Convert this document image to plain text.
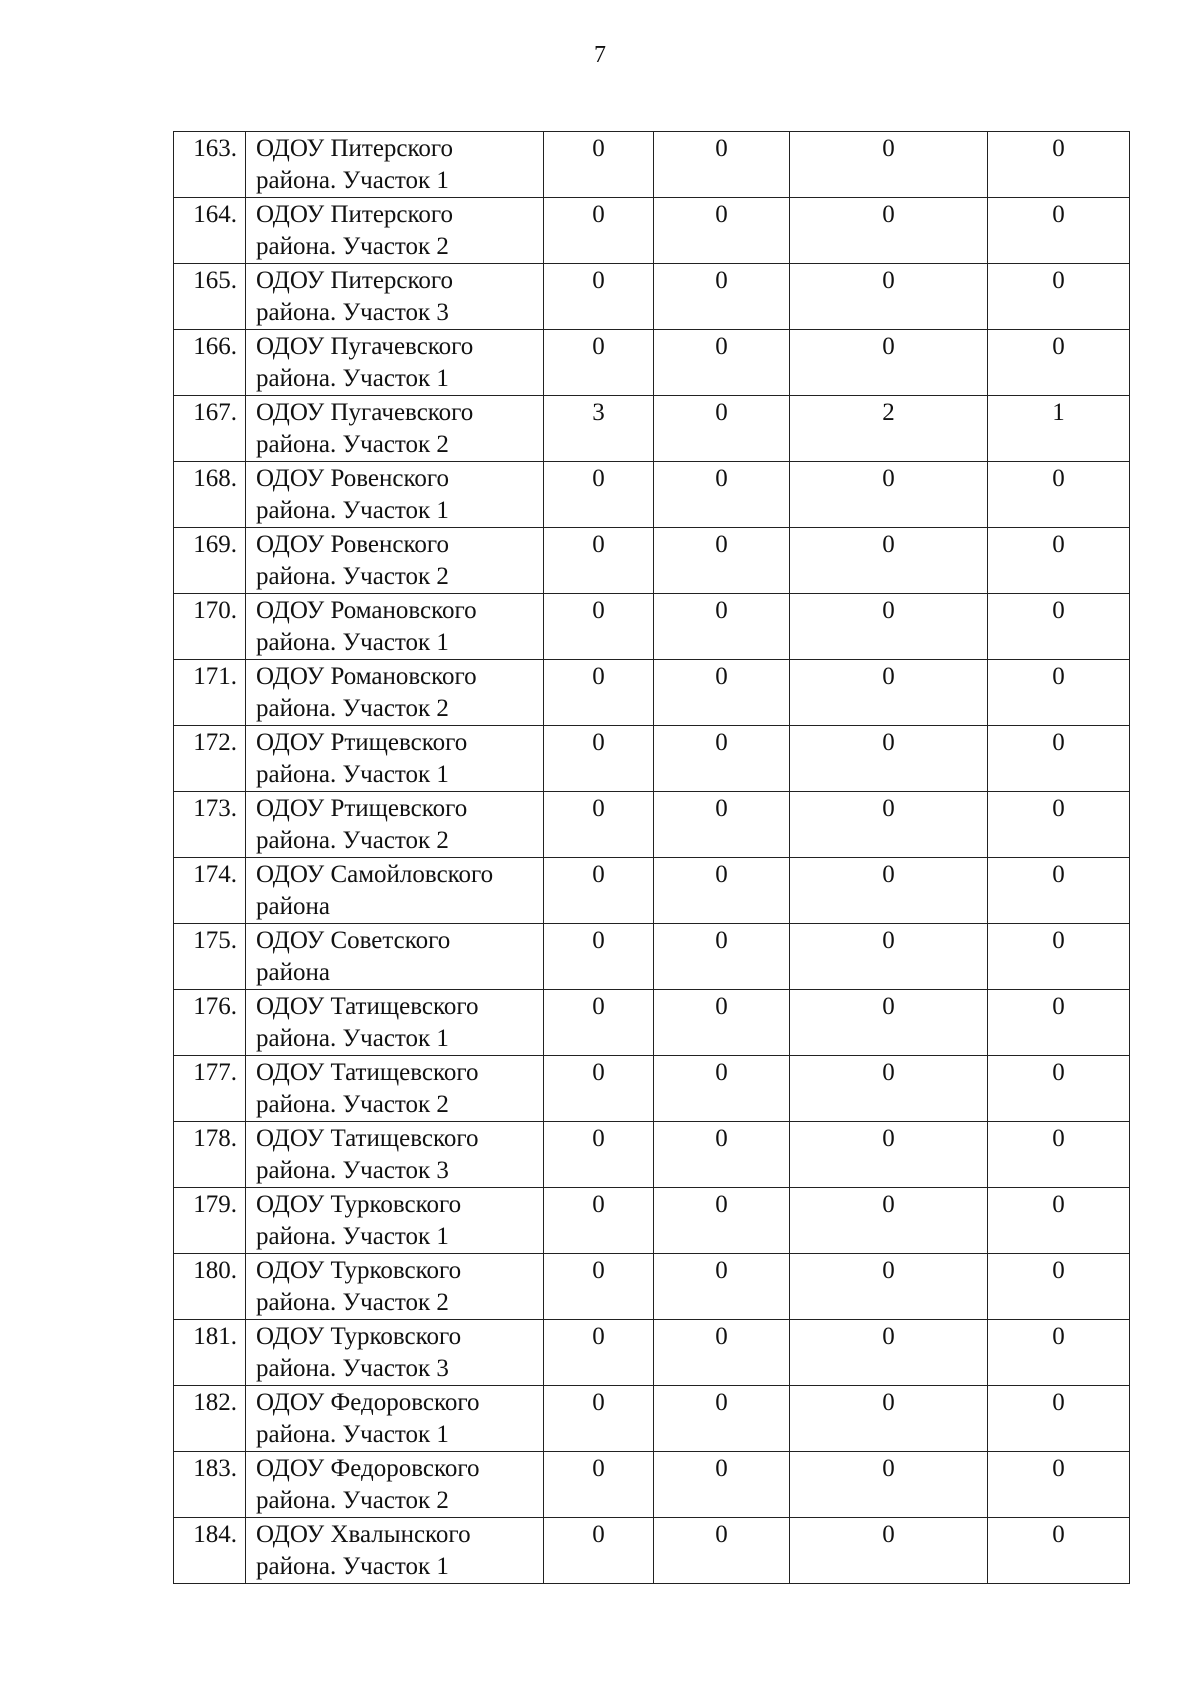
7
163.	ОДОУ Питерского
района. Участок 1	0	0	0	0
164.	ОДОУ Питерского
района. Участок 2	0	0	0	0
165.	ОДОУ Питерского
района. Участок 3	0	0	0	0
166.	ОДОУ Пугачевского
района. Участок 1	0	0	0	0
167.	ОДОУ Пугачевского
района. Участок 2	3	0	2	1
168.	ОДОУ Ровенского
района. Участок 1	0	0	0	0
169.	ОДОУ Ровенского
района. Участок 2	0	0	0	0
170.	ОДОУ Романовского
района. Участок 1	0	0	0	0
171.	ОДОУ Романовского
района. Участок 2	0	0	0	0
172.	ОДОУ Ртищевского
района. Участок 1	0	0	0	0
173.	ОДОУ Ртищевского
района. Участок 2	0	0	0	0
174.	ОДОУ Самойловского
района	0	0	0	0
175.	ОДОУ Советского
района	0	0	0	0
176.	ОДОУ Татищевского
района. Участок 1	0	0	0	0
177.	ОДОУ Татищевского
района. Участок 2	0	0	0	0
178.	ОДОУ Татищевского
района. Участок 3	0	0	0	0
179.	ОДОУ Турковского
района. Участок 1	0	0	0	0
180.	ОДОУ Турковского
района. Участок 2	0	0	0	0
181.	ОДОУ Турковского
района. Участок 3	0	0	0	0
182.	ОДОУ Федоровского
района. Участок 1	0	0	0	0
183.	ОДОУ Федоровского
района. Участок 2	0	0	0	0
184.	ОДОУ Хвалынского
района. Участок 1	0	0	0	0
